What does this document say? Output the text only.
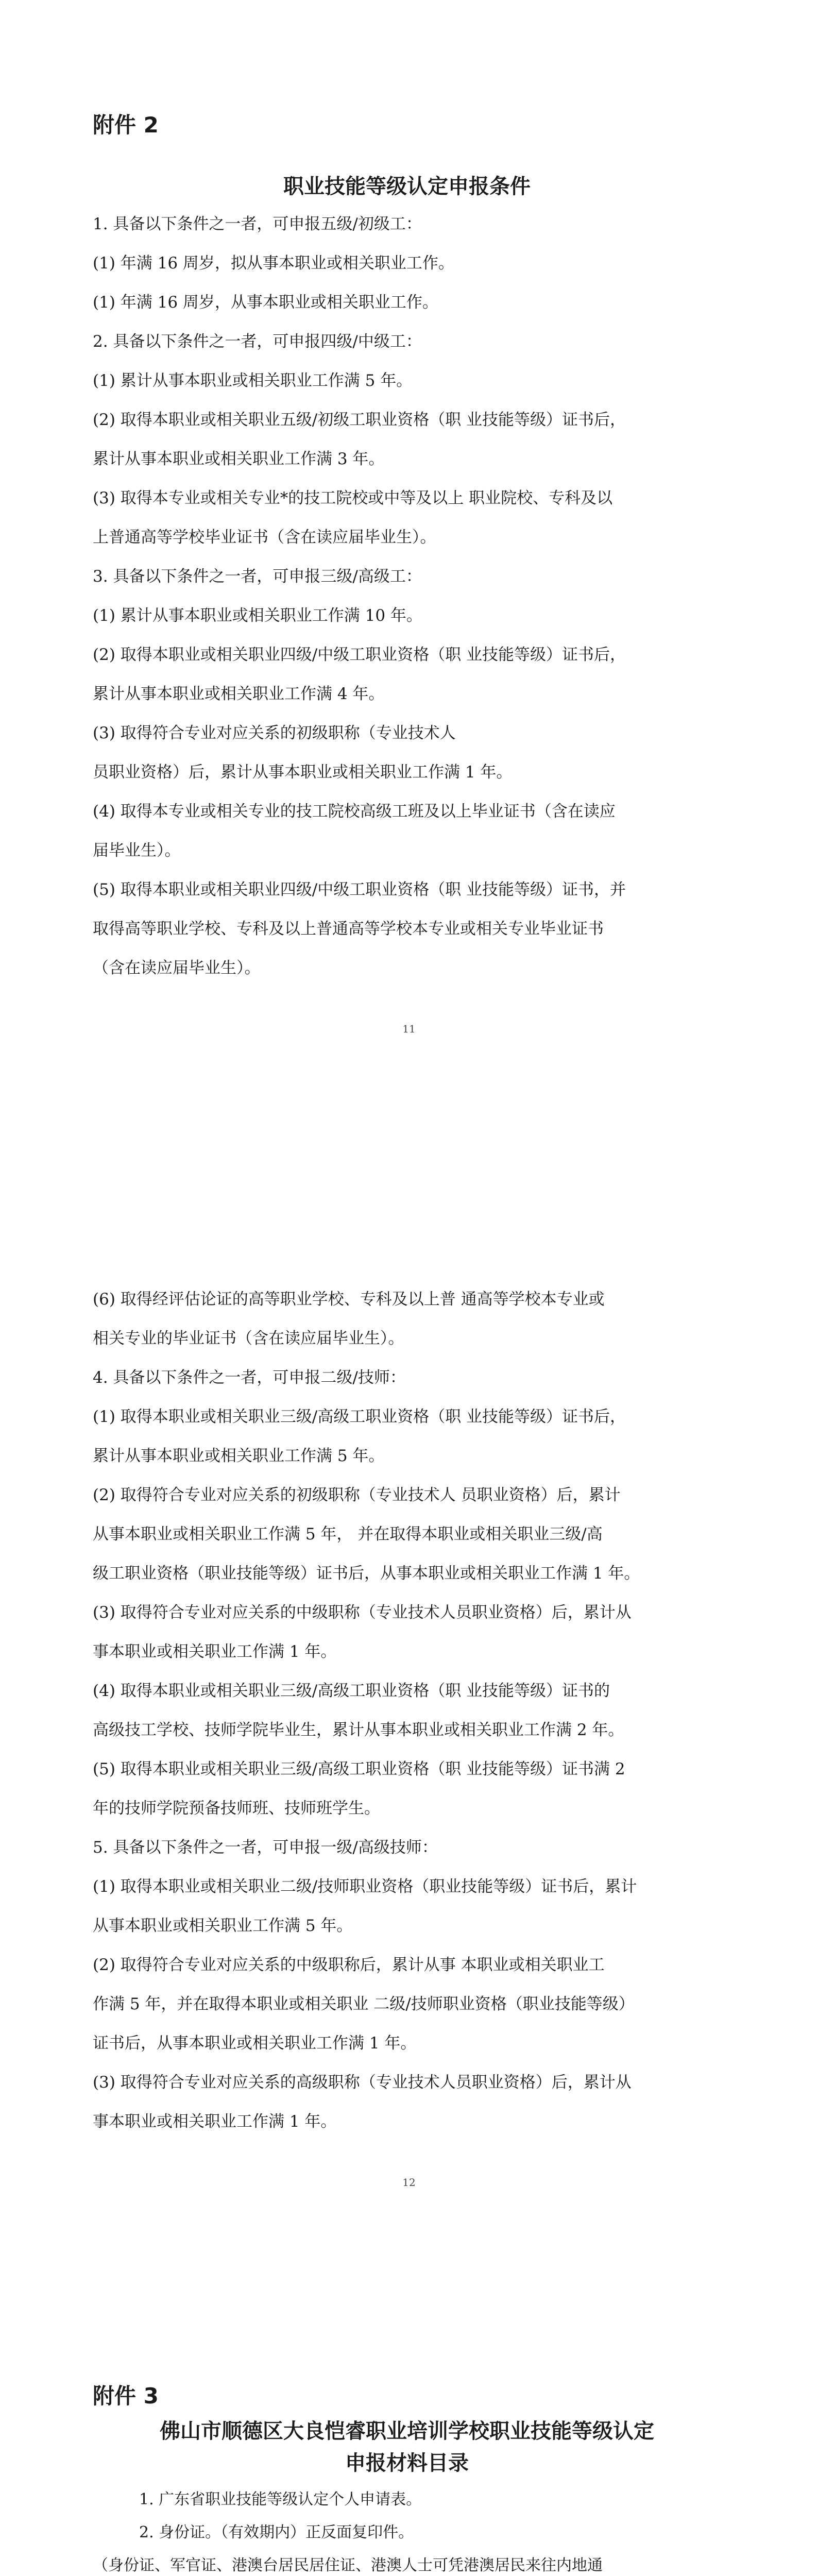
附件 2
职业技能等级认定申报条件

1. 具备以下条件之一者，可申报五级/初级工：

(1) 年满 16 周岁，拟从事本职业或相关职业工作。

(1) 年满 16 周岁，从事本职业或相关职业工作。

2. 具备以下条件之一者，可申报四级/中级工：

(1) 累计从事本职业或相关职业工作满 5 年。

(2) 取得本职业或相关职业五级/初级工职业资格（职 业技能等级）证书后，

累计从事本职业或相关职业工作满 3 年。

(3) 取得本专业或相关专业*的技工院校或中等及以上 职业院校、专科及以

上普通高等学校毕业证书（含在读应届毕业生）。

3. 具备以下条件之一者，可申报三级/高级工：

(1) 累计从事本职业或相关职业工作满 10 年。

(2) 取得本职业或相关职业四级/中级工职业资格（职 业技能等级）证书后，

累计从事本职业或相关职业工作满 4 年。

(3) 取得符合专业对应关系的初级职称（专业技术人

员职业资格）后，累计从事本职业或相关职业工作满 1 年。

(4) 取得本专业或相关专业的技工院校高级工班及以上毕业证书（含在读应

届毕业生）。

(5) 取得本职业或相关职业四级/中级工职业资格（职 业技能等级）证书，并

取得高等职业学校、专科及以上普通高等学校本专业或相关专业毕业证书

（含在读应届毕业生）。

11

(6) 取得经评估论证的高等职业学校、专科及以上普 通高等学校本专业或

相关专业的毕业证书（含在读应届毕业生）。

4. 具备以下条件之一者，可申报二级/技师：

(1) 取得本职业或相关职业三级/高级工职业资格（职 业技能等级）证书后，

累计从事本职业或相关职业工作满 5 年。

(2) 取得符合专业对应关系的初级职称（专业技术人 员职业资格）后，累计

从事本职业或相关职业工作满 5 年， 并在取得本职业或相关职业三级/高

级工职业资格（职业技能等级）证书后，从事本职业或相关职业工作满 1 年。

(3) 取得符合专业对应关系的中级职称（专业技术人员职业资格）后，累计从

事本职业或相关职业工作满 1 年。

(4) 取得本职业或相关职业三级/高级工职业资格（职 业技能等级）证书的

高级技工学校、技师学院毕业生，累计从事本职业或相关职业工作满 2 年。

(5) 取得本职业或相关职业三级/高级工职业资格（职 业技能等级）证书满 2

年的技师学院预备技师班、技师班学生。

5. 具备以下条件之一者，可申报一级/高级技师：

(1) 取得本职业或相关职业二级/技师职业资格（职业技能等级）证书后，累计

从事本职业或相关职业工作满 5 年。

(2) 取得符合专业对应关系的中级职称后，累计从事 本职业或相关职业工

作满 5 年，并在取得本职业或相关职业 二级/技师职业资格（职业技能等级）

证书后，从事本职业或相关职业工作满 1 年。

(3) 取得符合专业对应关系的高级职称（专业技术人员职业资格）后，累计从

事本职业或相关职业工作满 1 年。

12
附件 3
佛山市顺德区大良恺睿职业培训学校职业技能等级认定
申报材料目录

1. 广东省职业技能等级认定个人申请表。

2. 身份证。（有效期内）正反面复印件。

（身份证、军官证、港澳台居民居住证、港澳人士可凭港澳居民来往内地通
